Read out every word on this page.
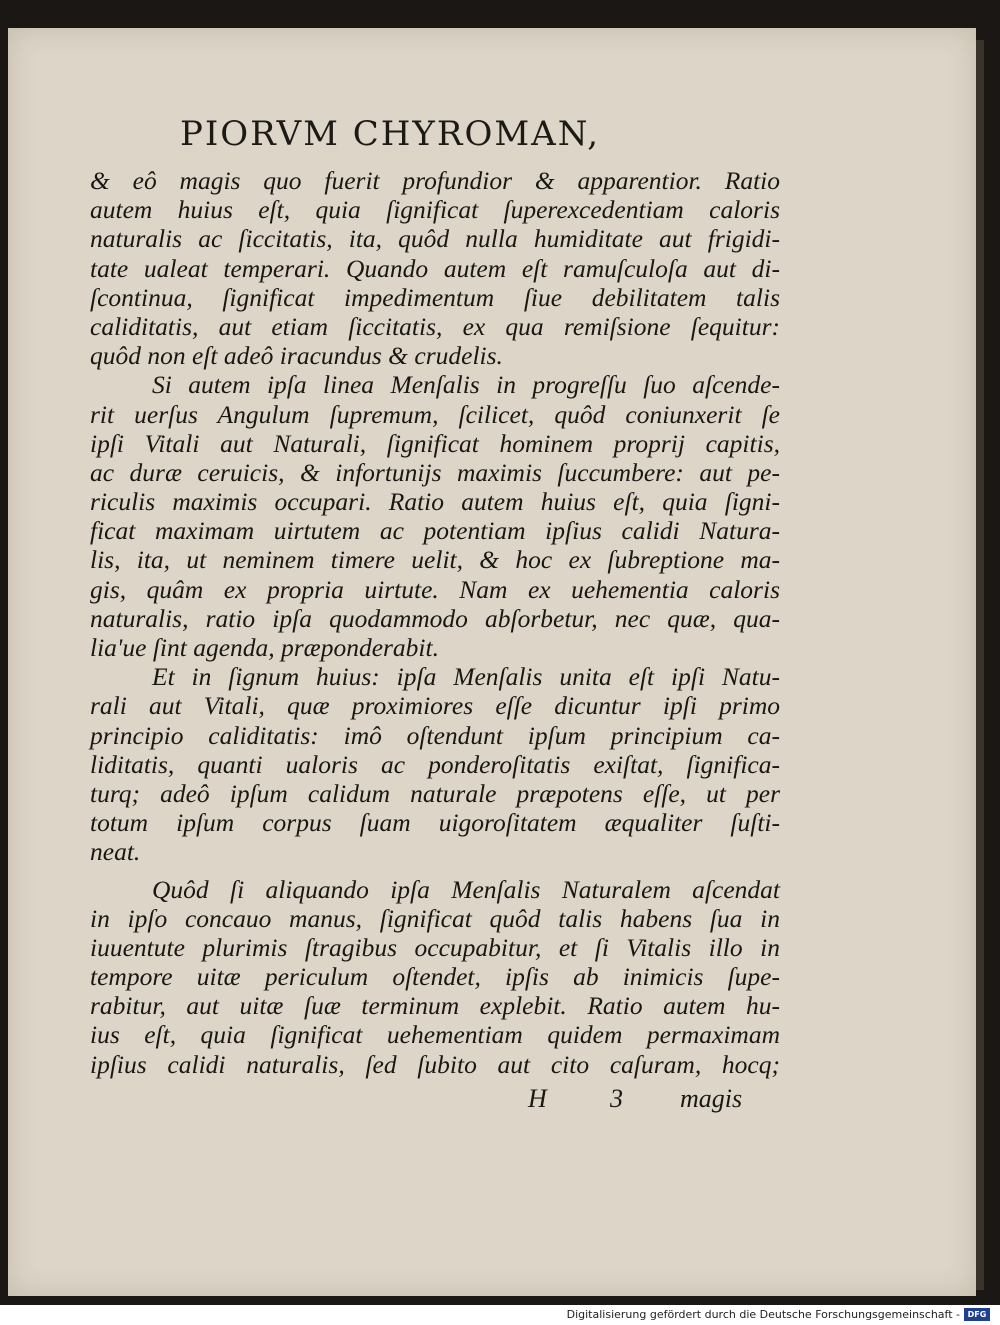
PIORVM CHYROMAN,
& eô magis quo fuerit profundior & apparentior. Ratio
autem huius eſt, quia ſignificat ſuperexcedentiam caloris
naturalis ac ſiccitatis, ita, quôd nulla humiditate aut frigidi-
tate ualeat temperari. Quando autem eſt ramuſculoſa aut di-
ſcontinua, ſignificat impedimentum ſiue debilitatem talis
caliditatis, aut etiam ſiccitatis, ex qua remiſsione ſequitur:
quôd non eſt adeô iracundus & crudelis.
Si autem ipſa linea Menſalis in progreſſu ſuo aſcende-
rit uerſus Angulum ſupremum, ſcilicet, quôd coniunxerit ſe
ipſi Vitali aut Naturali, ſignificat hominem proprij capitis,
ac duræ ceruicis, & infortunijs maximis ſuccumbere: aut pe-
riculis maximis occupari. Ratio autem huius eſt, quia ſigni-
ficat maximam uirtutem ac potentiam ipſius calidi Natura-
lis, ita, ut neminem timere uelit, & hoc ex ſubreptione ma-
gis, quâm ex propria uirtute. Nam ex uehementia caloris
naturalis, ratio ipſa quodammodo abſorbetur, nec quæ, qua-
lia'ue ſint agenda, præponderabit.
Et in ſignum huius: ipſa Menſalis unita eſt ipſi Natu-
rali aut Vitali, quæ proximiores eſſe dicuntur ipſi primo
principio caliditatis: imô oſtendunt ipſum principium ca-
liditatis, quanti ualoris ac ponderoſitatis exiſtat, ſignifica-
turq; adeô ipſum calidum naturale præpotens eſſe, ut per
totum ipſum corpus ſuam uigoroſitatem æqualiter ſuſti-
neat.
Quôd ſi aliquando ipſa Menſalis Naturalem aſcendat
in ipſo concauo manus, ſignificat quôd talis habens ſua in
iuuentute plurimis ſtragibus occupabitur, et ſi Vitalis illo in
tempore uitæ periculum oſtendet, ipſis ab inimicis ſupe-
rabitur, aut uitæ ſuæ terminum explebit. Ratio autem hu-
ius eſt, quia ſignificat uehementiam quidem permaximam
ipſius calidi naturalis, ſed ſubito aut cito caſuram, hocq;
H 3 magis
Digitalisierung gefördert durch die Deutsche Forschungsgemeinschaft - DFG
